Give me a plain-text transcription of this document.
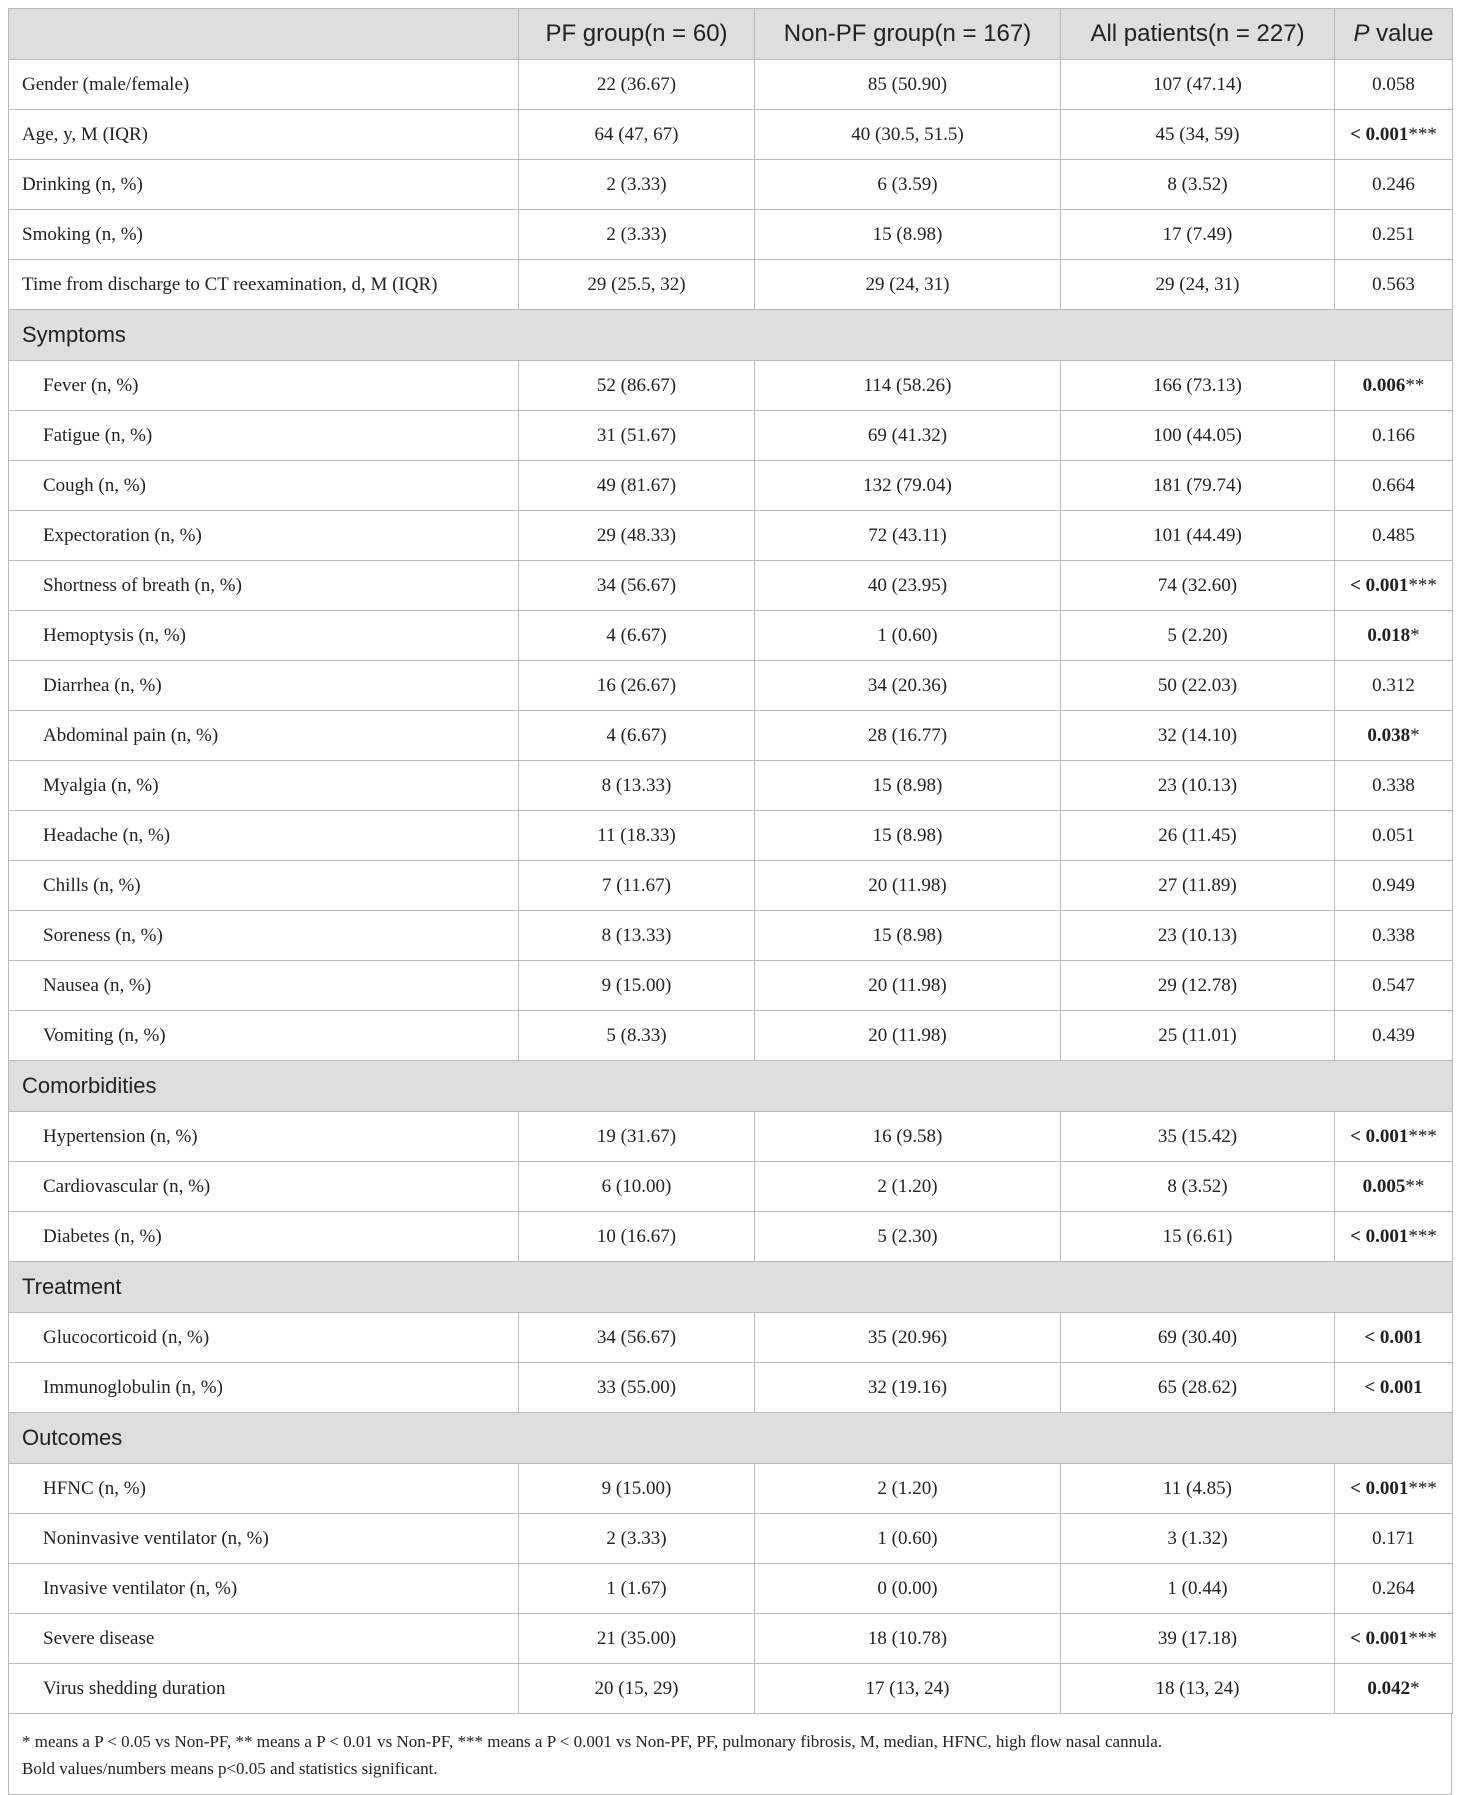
	PF group(n = 60)	Non-PF group(n = 167)	All patients(n = 227)	P value
Gender (male/female)	22 (36.67)	85 (50.90)	107 (47.14)	0.058
Age, y, M (IQR)	64 (47, 67)	40 (30.5, 51.5)	45 (34, 59)	< 0.001***
Drinking (n, %)	2 (3.33)	6 (3.59)	8 (3.52)	0.246
Smoking (n, %)	2 (3.33)	15 (8.98)	17 (7.49)	0.251
Time from discharge to CT reexamination, d, M (IQR)	29 (25.5, 32)	29 (24, 31)	29 (24, 31)	0.563
Symptoms				
Fever (n, %)	52 (86.67)	114 (58.26)	166 (73.13)	0.006**
Fatigue (n, %)	31 (51.67)	69 (41.32)	100 (44.05)	0.166
Cough (n, %)	49 (81.67)	132 (79.04)	181 (79.74)	0.664
Expectoration (n, %)	29 (48.33)	72 (43.11)	101 (44.49)	0.485
Shortness of breath (n, %)	34 (56.67)	40 (23.95)	74 (32.60)	< 0.001***
Hemoptysis (n, %)	4 (6.67)	1 (0.60)	5 (2.20)	0.018*
Diarrhea (n, %)	16 (26.67)	34 (20.36)	50 (22.03)	0.312
Abdominal pain (n, %)	4 (6.67)	28 (16.77)	32 (14.10)	0.038*
Myalgia (n, %)	8 (13.33)	15 (8.98)	23 (10.13)	0.338
Headache (n, %)	11 (18.33)	15 (8.98)	26 (11.45)	0.051
Chills (n, %)	7 (11.67)	20 (11.98)	27 (11.89)	0.949
Soreness (n, %)	8 (13.33)	15 (8.98)	23 (10.13)	0.338
Nausea (n, %)	9 (15.00)	20 (11.98)	29 (12.78)	0.547
Vomiting (n, %)	5 (8.33)	20 (11.98)	25 (11.01)	0.439
Comorbidities				
Hypertension (n, %)	19 (31.67)	16 (9.58)	35 (15.42)	< 0.001***
Cardiovascular (n, %)	6 (10.00)	2 (1.20)	8 (3.52)	0.005**
Diabetes (n, %)	10 (16.67)	5 (2.30)	15 (6.61)	< 0.001***
Treatment				
Glucocorticoid (n, %)	34 (56.67)	35 (20.96)	69 (30.40)	< 0.001
Immunoglobulin (n, %)	33 (55.00)	32 (19.16)	65 (28.62)	< 0.001
Outcomes				
HFNC (n, %)	9 (15.00)	2 (1.20)	11 (4.85)	< 0.001***
Noninvasive ventilator (n, %)	2 (3.33)	1 (0.60)	3 (1.32)	0.171
Invasive ventilator (n, %)	1 (1.67)	0 (0.00)	1 (0.44)	0.264
Severe disease	21 (35.00)	18 (10.78)	39 (17.18)	< 0.001***
Virus shedding duration	20 (15, 29)	17 (13, 24)	18 (13, 24)	0.042*
* means a P < 0.05 vs Non-PF, ** means a P < 0.01 vs Non-PF, *** means a P < 0.001 vs Non-PF, PF, pulmonary fibrosis, M, median, HFNC, high flow nasal cannula.
Bold values/numbers means p<0.05 and statistics significant.
